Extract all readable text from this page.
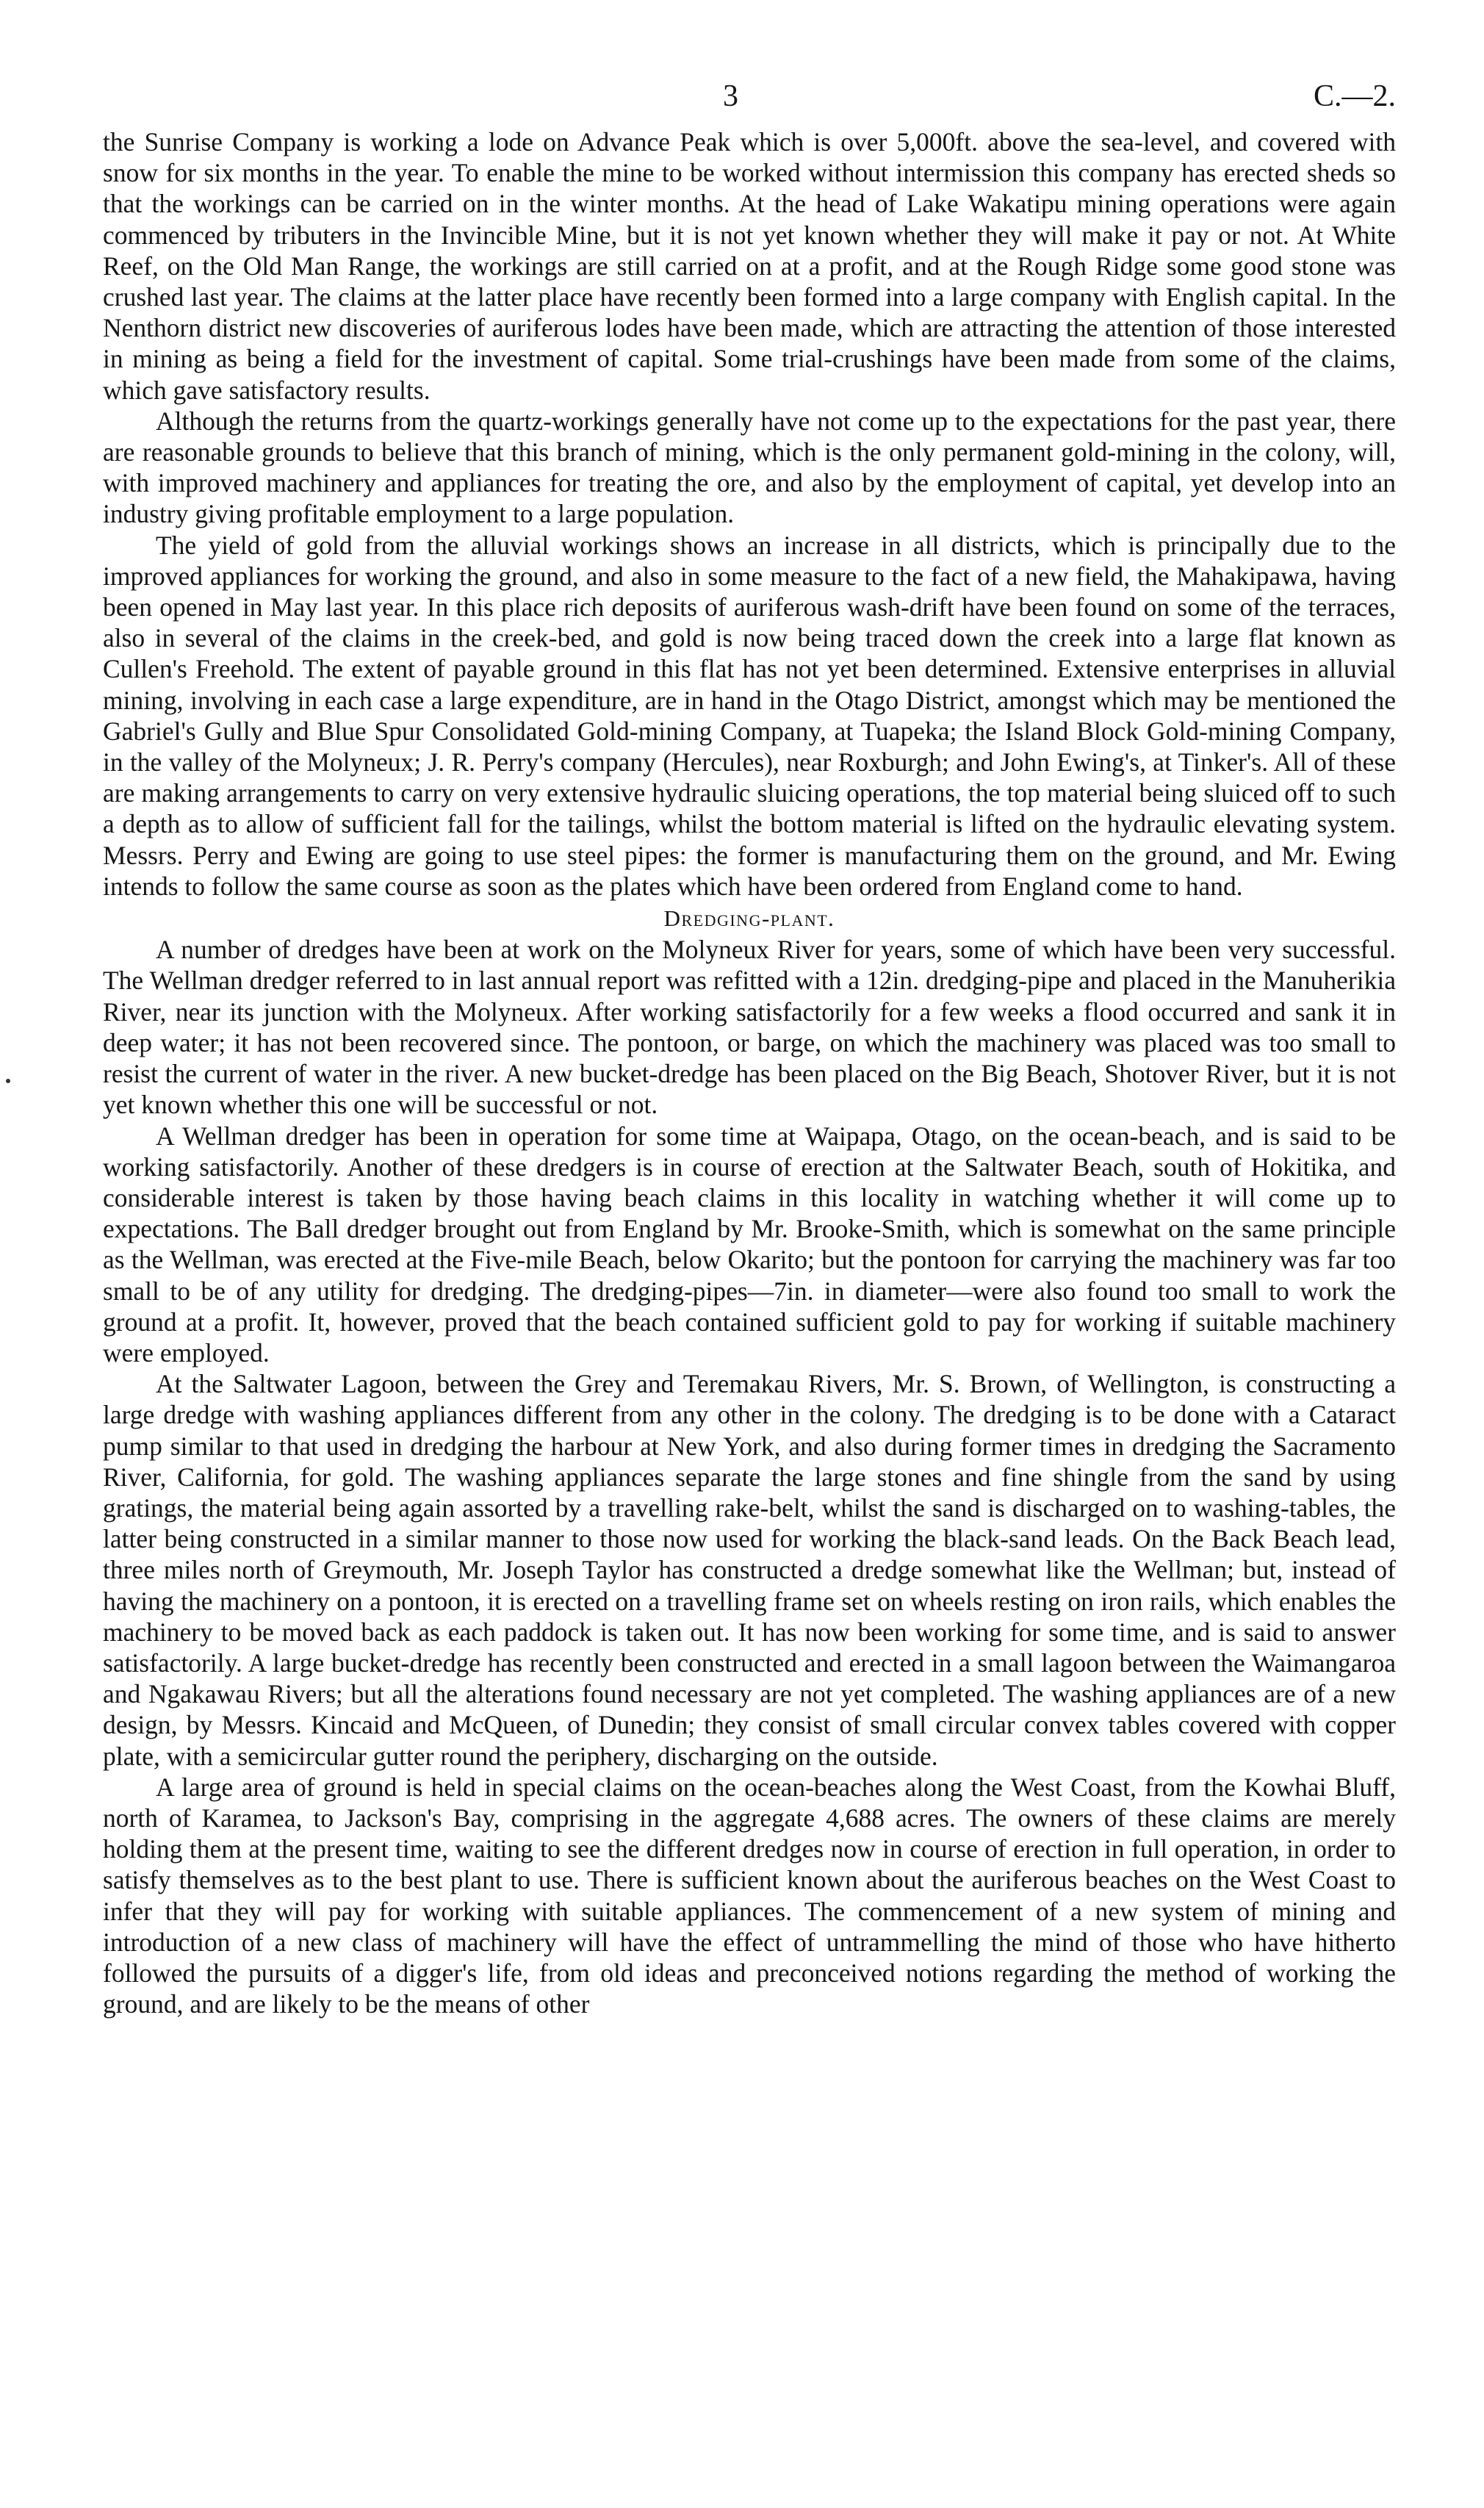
3	C.—2.

the Sunrise Company is working a lode on Advance Peak which is over 5,000ft. above the sea-level, and covered with snow for six months in the year. To enable the mine to be worked without intermission this company has erected sheds so that the workings can be carried on in the winter months. At the head of Lake Wakatipu mining operations were again commenced by tributers in the Invincible Mine, but it is not yet known whether they will make it pay or not. At White Reef, on the Old Man Range, the workings are still carried on at a profit, and at the Rough Ridge some good stone was crushed last year. The claims at the latter place have recently been formed into a large company with English capital. In the Nenthorn district new discoveries of auriferous lodes have been made, which are attracting the attention of those interested in mining as being a field for the investment of capital. Some trial-crushings have been made from some of the claims, which gave satisfactory results.

Although the returns from the quartz-workings generally have not come up to the expectations for the past year, there are reasonable grounds to believe that this branch of mining, which is the only permanent gold-mining in the colony, will, with improved machinery and appliances for treating the ore, and also by the employment of capital, yet develop into an industry giving profitable employment to a large population.

The yield of gold from the alluvial workings shows an increase in all districts, which is principally due to the improved appliances for working the ground, and also in some measure to the fact of a new field, the Mahakipawa, having been opened in May last year. In this place rich deposits of auriferous wash-drift have been found on some of the terraces, also in several of the claims in the creek-bed, and gold is now being traced down the creek into a large flat known as Cullen's Freehold. The extent of payable ground in this flat has not yet been determined. Extensive enterprises in alluvial mining, involving in each case a large expenditure, are in hand in the Otago District, amongst which may be mentioned the Gabriel's Gully and Blue Spur Consolidated Gold-mining Company, at Tuapeka; the Island Block Gold-mining Company, in the valley of the Molyneux; J. R. Perry's company (Hercules), near Roxburgh; and John Ewing's, at Tinker's. All of these are making arrangements to carry on very extensive hydraulic sluicing operations, the top material being sluiced off to such a depth as to allow of sufficient fall for the tailings, whilst the bottom material is lifted on the hydraulic elevating system. Messrs. Perry and Ewing are going to use steel pipes: the former is manufacturing them on the ground, and Mr. Ewing intends to follow the same course as soon as the plates which have been ordered from England come to hand.

Dredging-plant.

A number of dredges have been at work on the Molyneux River for years, some of which have been very successful. The Wellman dredger referred to in last annual report was refitted with a 12in. dredging-pipe and placed in the Manuherikia River, near its junction with the Molyneux. After working satisfactorily for a few weeks a flood occurred and sank it in deep water; it has not been recovered since. The pontoon, or barge, on which the machinery was placed was too small to resist the current of water in the river. A new bucket-dredge has been placed on the Big Beach, Shotover River, but it is not yet known whether this one will be successful or not.

A Wellman dredger has been in operation for some time at Waipapa, Otago, on the ocean-beach, and is said to be working satisfactorily. Another of these dredgers is in course of erection at the Saltwater Beach, south of Hokitika, and considerable interest is taken by those having beach claims in this locality in watching whether it will come up to expectations. The Ball dredger brought out from England by Mr. Brooke-Smith, which is somewhat on the same principle as the Wellman, was erected at the Five-mile Beach, below Okarito; but the pontoon for carrying the machinery was far too small to be of any utility for dredging. The dredging-pipes—7in. in diameter—were also found too small to work the ground at a profit. It, however, proved that the beach contained sufficient gold to pay for working if suitable machinery were employed.

At the Saltwater Lagoon, between the Grey and Teremakau Rivers, Mr. S. Brown, of Wellington, is constructing a large dredge with washing appliances different from any other in the colony. The dredging is to be done with a Cataract pump similar to that used in dredging the harbour at New York, and also during former times in dredging the Sacramento River, California, for gold. The washing appliances separate the large stones and fine shingle from the sand by using gratings, the material being again assorted by a travelling rake-belt, whilst the sand is discharged on to washing-tables, the latter being constructed in a similar manner to those now used for working the black-sand leads. On the Back Beach lead, three miles north of Greymouth, Mr. Joseph Taylor has constructed a dredge somewhat like the Wellman; but, instead of having the machinery on a pontoon, it is erected on a travelling frame set on wheels resting on iron rails, which enables the machinery to be moved back as each paddock is taken out. It has now been working for some time, and is said to answer satisfactorily. A large bucket-dredge has recently been constructed and erected in a small lagoon between the Waimangaroa and Ngakawau Rivers; but all the alterations found necessary are not yet completed. The washing appliances are of a new design, by Messrs. Kincaid and McQueen, of Dunedin; they consist of small circular convex tables covered with copper plate, with a semicircular gutter round the periphery, discharging on the outside.

A large area of ground is held in special claims on the ocean-beaches along the West Coast, from the Kowhai Bluff, north of Karamea, to Jackson's Bay, comprising in the aggregate 4,688 acres. The owners of these claims are merely holding them at the present time, waiting to see the different dredges now in course of erection in full operation, in order to satisfy themselves as to the best plant to use. There is sufficient known about the auriferous beaches on the West Coast to infer that they will pay for working with suitable appliances. The commencement of a new system of mining and introduction of a new class of machinery will have the effect of untrammelling the mind of those who have hitherto followed the pursuits of a digger's life, from old ideas and preconceived notions regarding the method of working the ground, and are likely to be the means of other
